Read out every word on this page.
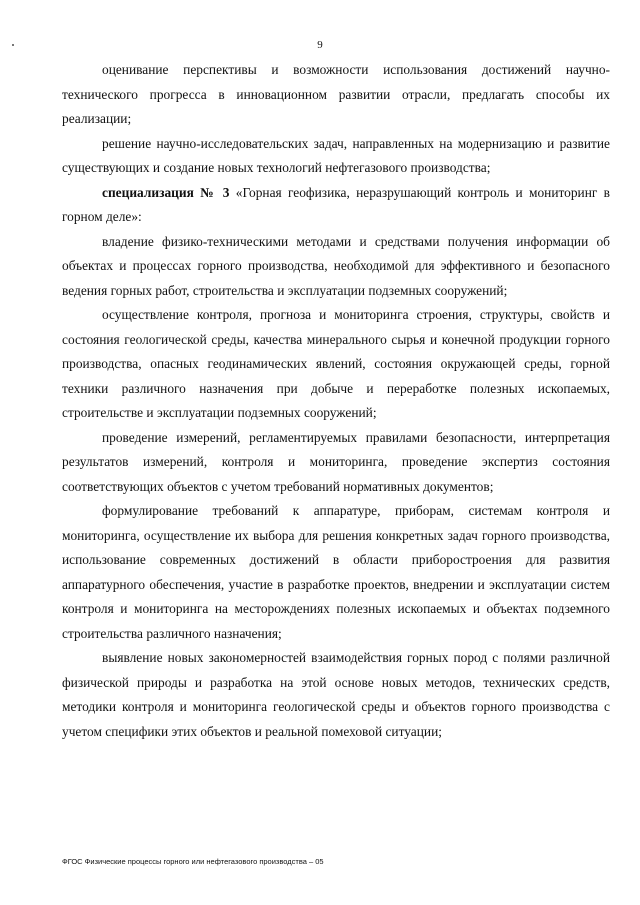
9

оценивание перспективы и возможности использования достижений научно-технического прогресса в инновационном развитии отрасли, предлагать способы их реализации;

решение научно-исследовательских задач, направленных на модернизацию и развитие существующих и создание новых технологий нефтегазового производства;

специализация № 3 «Горная геофизика, неразрушающий контроль и мониторинг в горном деле»:

владение физико-техническими методами и средствами получения информации об объектах и процессах горного производства, необходимой для эффективного и безопасного ведения горных работ, строительства и эксплуатации подземных сооружений;

осуществление контроля, прогноза и мониторинга строения, структуры, свойств и состояния геологической среды, качества минерального сырья и конечной продукции горного производства, опасных геодинамических явлений, состояния окружающей среды, горной техники различного назначения при добыче и переработке полезных ископаемых, строительстве и эксплуатации подземных сооружений;

проведение измерений, регламентируемых правилами безопасности, интерпретация результатов измерений, контроля и мониторинга, проведение экспертиз состояния соответствующих объектов с учетом требований нормативных документов;

формулирование требований к аппаратуре, приборам, системам контроля и мониторинга, осуществление их выбора для решения конкретных задач горного производства, использование современных достижений в области приборостроения для развития аппаратурного обеспечения, участие в разработке проектов, внедрении и эксплуатации систем контроля и мониторинга на месторождениях полезных ископаемых и объектах подземного строительства различного назначения;

выявление новых закономерностей взаимодействия горных пород с полями различной физической природы и разработка на этой основе новых методов, технических средств, методики контроля и мониторинга геологической среды и объектов горного производства с учетом специфики этих объектов и реальной помеховой ситуации;

ФГОС Физические процессы горного или нефтегазового производства – 05
